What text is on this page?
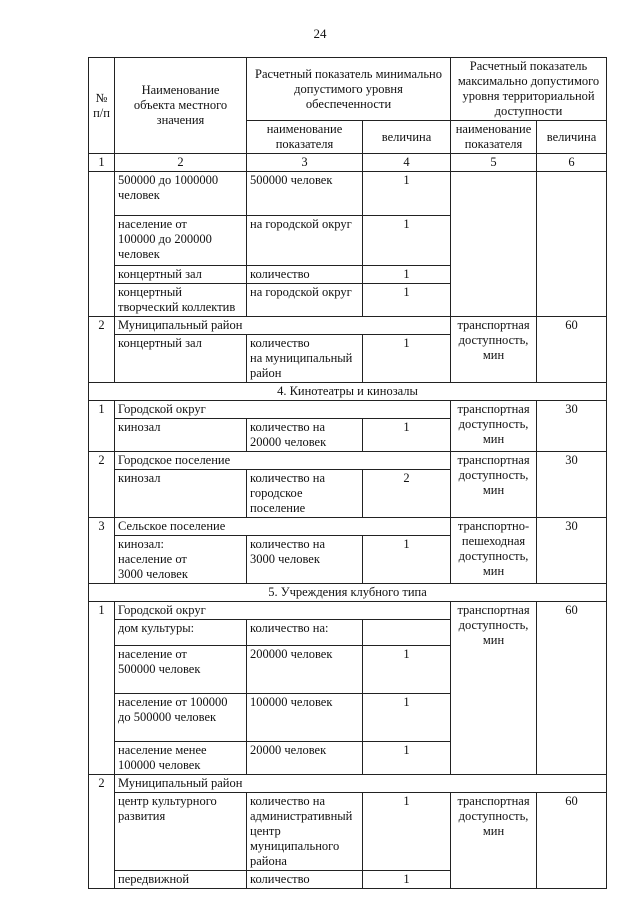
24
№
п/п	Наименование
объекта местного
значения	Расчетный показатель минимально
допустимого уровня
обеспеченности		Расчетный показатель
максимально допустимого
уровня территориальной
доступности	
		наименование
показателя	величина	наименование
показателя	величина
1	2	3	4	5	6
	500000 до 1000000
человек	500000 человек	1		
	население от
100000 до 200000
человек	на городской округ	1		
	концертный зал	количество	1		
	концертный
творческий коллектив	на городской округ	1		
2	Муниципальный район			транспортная
доступность,
мин	60
	концертный зал	количество
на муниципальный
район	1		
4. Кинотеатры и кинозалы					
1	Городской округ			транспортная
доступность,
мин	30
	кинозал	количество на
20000 человек	1		
2	Городское поселение			транспортная
доступность,
мин	30
	кинозал	количество на
городское
поселение	2		
3	Сельское поселение			транспортно-
пешеходная
доступность,
мин	30
	кинозал:
население от
3000 человек	количество на
3000 человек	1		
5. Учреждения клубного типа					
1	Городской округ			транспортная
доступность,
мин	60
	дом культуры:	количество на:			
	население от
500000 человек	200000 человек	1		
	население от 100000
до 500000 человек	100000 человек	1		
	население менее
100000 человек	20000 человек	1		
2	Муниципальный район				
	центр культурного
развития	количество на
административный
центр
муниципального
района	1	транспортная
доступность,
мин	60
	передвижной	количество	1		
